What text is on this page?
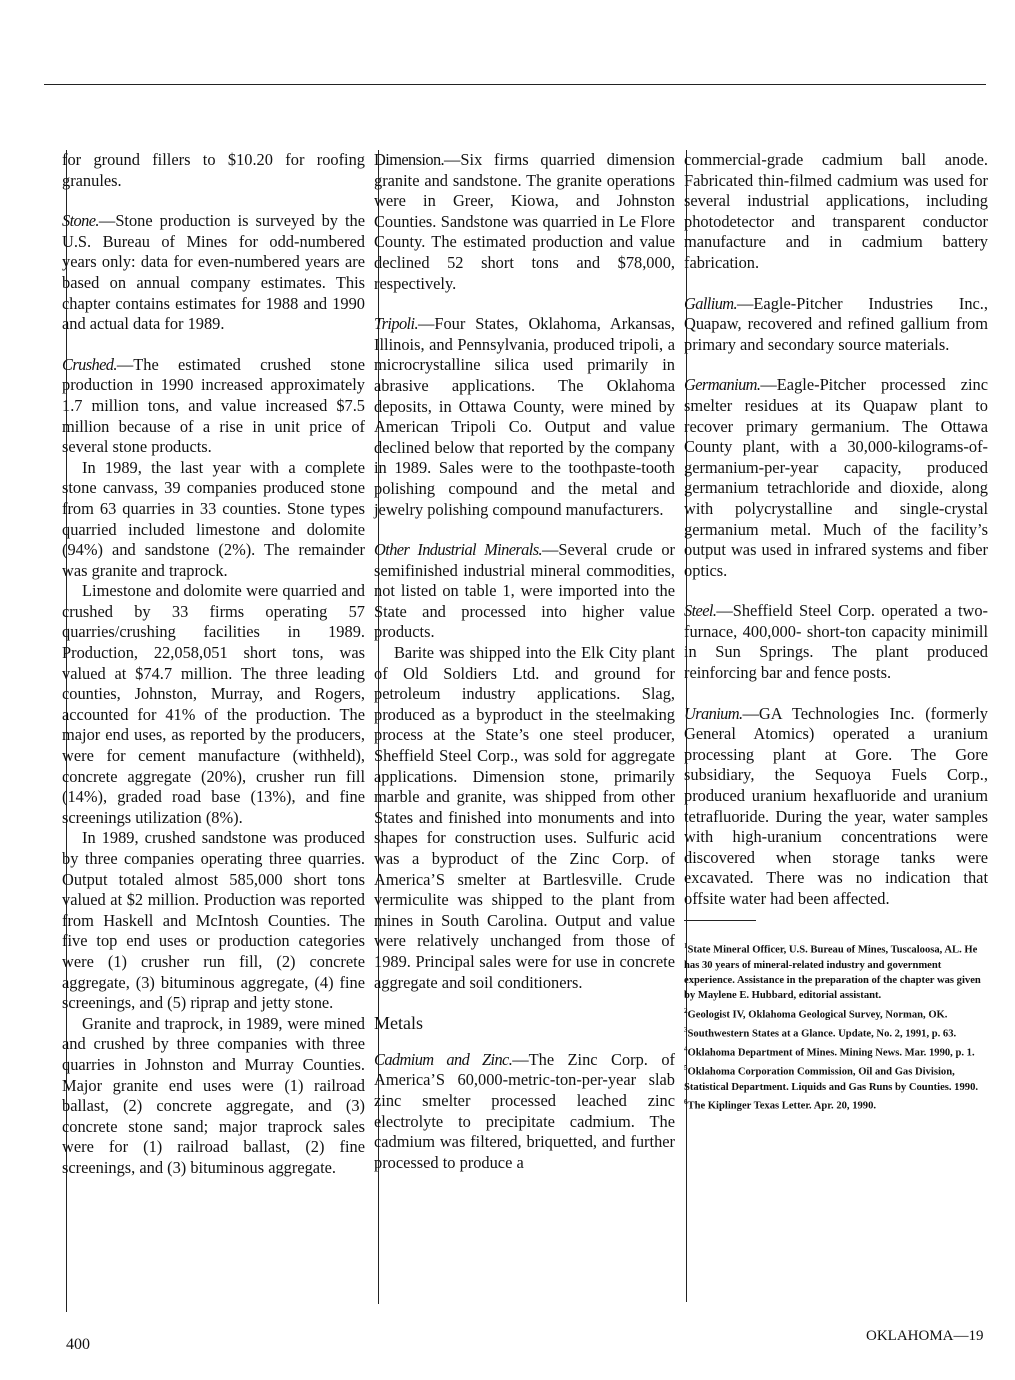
for ground fillers to $10.20 for roofing granules.

Stone.—Stone production is surveyed by the U.S. Bureau of Mines for odd-numbered years only: data for even-numbered years are based on annual company estimates. This chapter contains estimates for 1988 and 1990 and actual data for 1989.

Crushed.—The estimated crushed stone production in 1990 increased approximately 1.7 million tons, and value increased $7.5 million because of a rise in unit price of several stone products.

In 1989, the last year with a complete stone canvass, 39 companies produced stone from 63 quarries in 33 counties. Stone types quarried included limestone and dolomite (94%) and sandstone (2%). The remainder was granite and traprock.

Limestone and dolomite were quarried and crushed by 33 firms operating 57 quarries/crushing facilities in 1989. Production, 22,058,051 short tons, was valued at $74.7 million. The three leading counties, Johnston, Murray, and Rogers, accounted for 41% of the production. The major end uses, as reported by the producers, were for cement manufacture (withheld), concrete aggregate (20%), crusher run fill (14%), graded road base (13%), and fine screenings utilization (8%).

In 1989, crushed sandstone was produced by three companies operating three quarries. Output totaled almost 585,000 short tons valued at $2 million. Production was reported from Haskell and McIntosh Counties. The five top end uses or production categories were (1) crusher run fill, (2) concrete aggregate, (3) bituminous aggregate, (4) fine screenings, and (5) riprap and jetty stone.

Granite and traprock, in 1989, were mined and crushed by three companies with three quarries in Johnston and Murray Counties. Major granite end uses were (1) railroad ballast, (2) concrete aggregate, and (3) concrete stone sand; major traprock sales were for (1) railroad ballast, (2) fine screenings, and (3) bituminous aggregate.

Dimension.—Six firms quarried dimension granite and sandstone. The granite operations were in Greer, Kiowa, and Johnston Counties. Sandstone was quarried in Le Flore County. The estimated production and value declined 52 short tons and $78,000, respectively.

Tripoli.—Four States, Oklahoma, Arkansas, Illinois, and Pennsylvania, produced tripoli, a microcrystalline silica used primarily in abrasive applications. The Oklahoma deposits, in Ottawa County, were mined by American Tripoli Co. Output and value declined below that reported by the company in 1989. Sales were to the toothpaste-tooth polishing compound and the metal and jewelry polishing compound manufacturers.

Other Industrial Minerals.—Several crude or semifinished industrial mineral commodities, not listed on table 1, were imported into the State and processed into higher value products.

Barite was shipped into the Elk City plant of Old Soldiers Ltd. and ground for petroleum industry applications. Slag, produced as a byproduct in the steelmaking process at the State’s one steel producer, Sheffield Steel Corp., was sold for aggregate applications. Dimension stone, primarily marble and granite, was shipped from other States and finished into monuments and into shapes for construction uses. Sulfuric acid was a byproduct of the Zinc Corp. of America’S smelter at Bartlesville. Crude vermiculite was shipped to the plant from mines in South Carolina. Output and value were relatively unchanged from those of 1989. Principal sales were for use in concrete aggregate and soil conditioners.

Metals

Cadmium and Zinc.—The Zinc Corp. of America’S 60,000-metric-ton-per-year slab zinc smelter processed leached zinc electrolyte to precipitate cadmium. The cadmium was filtered, briquetted, and further processed to produce a

commercial-grade cadmium ball anode. Fabricated thin-filmed cadmium was used for several industrial applications, including photodetector and transparent conductor manufacture and in cadmium battery fabrication.

Gallium.—Eagle-Pitcher Industries Inc., Quapaw, recovered and refined gallium from primary and secondary source materials.

Germanium.—Eagle-Pitcher processed zinc smelter residues at its Quapaw plant to recover primary germanium. The Ottawa County plant, with a 30,000-kilograms-of-germanium-per-year capacity, produced germanium tetrachloride and dioxide, along with polycrystalline and single-crystal germanium metal. Much of the facility’s output was used in infrared systems and fiber optics.

Steel.—Sheffield Steel Corp. operated a two-furnace, 400,000- short-ton capacity minimill in Sun Springs. The plant produced reinforcing bar and fence posts.

Uranium.—GA Technologies Inc. (formerly General Atomics) operated a uranium processing plant at Gore. The Gore subsidiary, the Sequoya Fuels Corp., produced uranium hexafluoride and uranium tetrafluoride. During the year, water samples with high-uranium concentrations were discovered when storage tanks were excavated. There was no indication that offsite water had been affected.

$^1$State Mineral Officer, U.S. Bureau of Mines, Tuscaloosa, AL. He has 30 years of mineral-related industry and government experience. Assistance in the preparation of the chapter was given by Maylene E. Hubbard, editorial assistant.

$^2$Geologist IV, Oklahoma Geological Survey, Norman, OK.

$^3$Southwestern States at a Glance. Update, No. 2, 1991, p. 63.

$^4$Oklahoma Department of Mines. Mining News. Mar. 1990, p. 1.

$^5$Oklahoma Corporation Commission, Oil and Gas Division, Statistical Department. Liquids and Gas Runs by Counties. 1990.

$^6$The Kiplinger Texas Letter. Apr. 20, 1990.

400	OKLAHOMA—19
